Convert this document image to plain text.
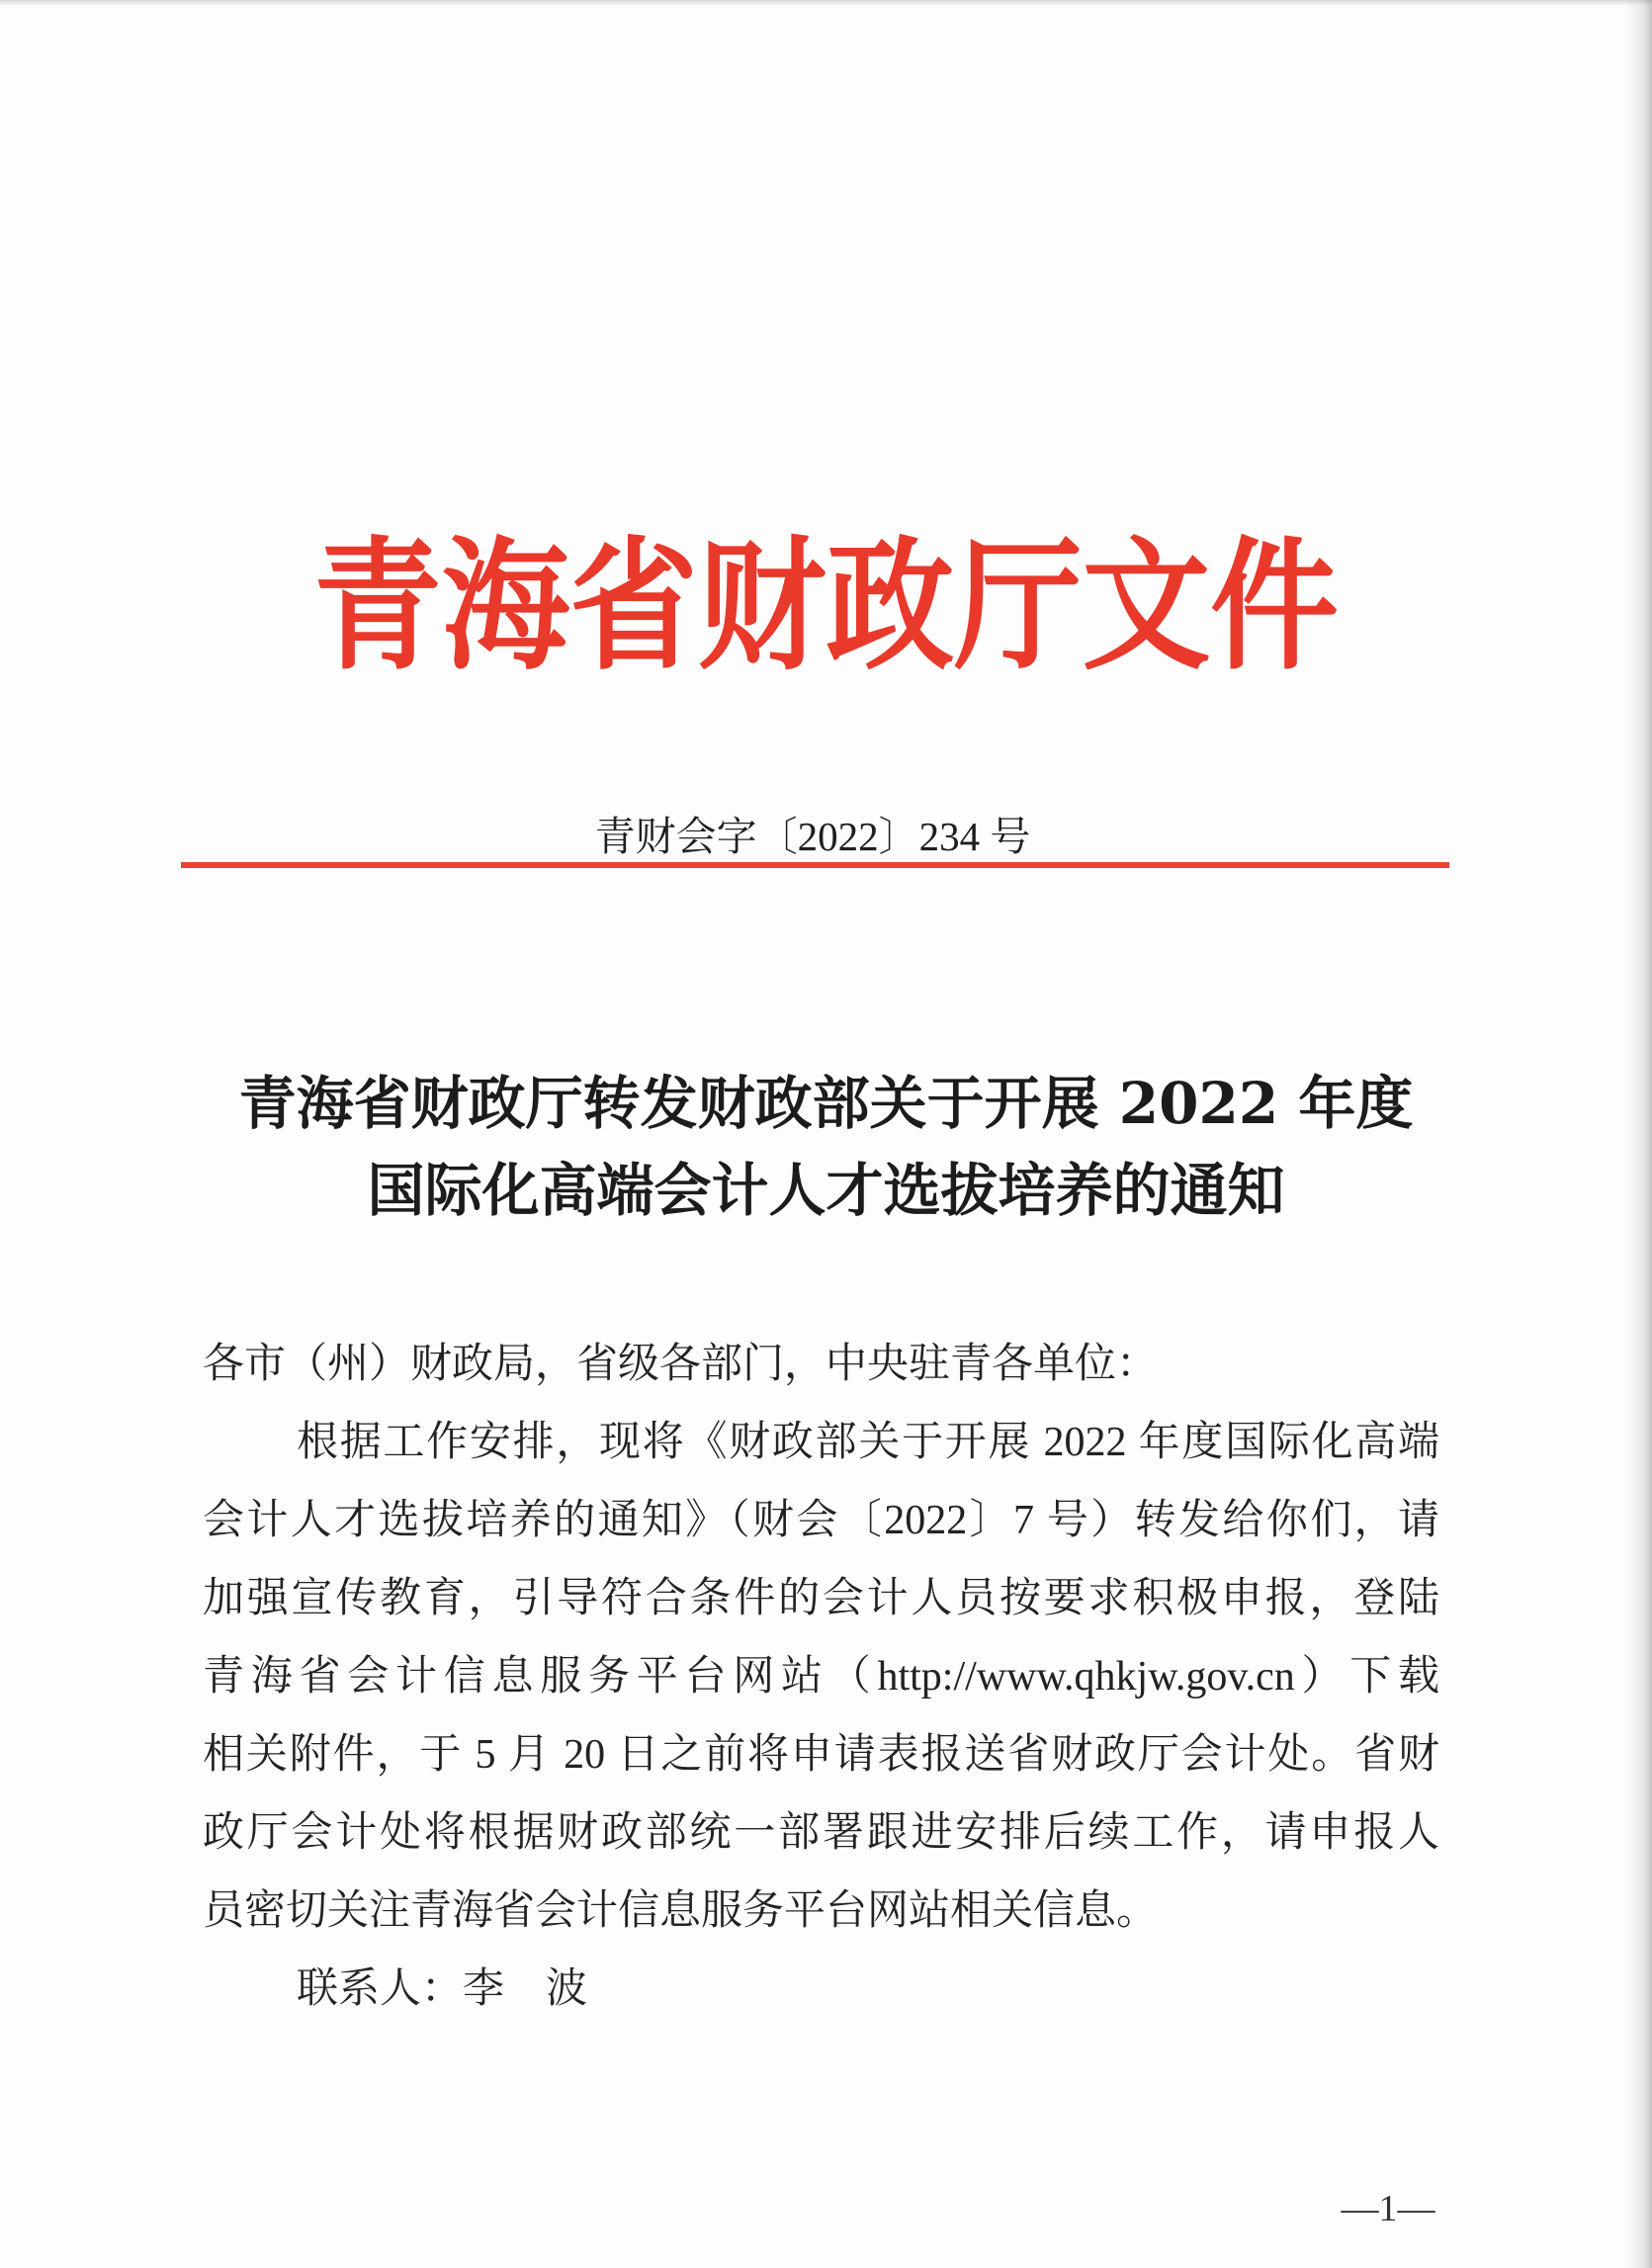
青海省财政厅文件
青财会字〔2022〕234 号
青海省财政厅转发财政部关于开展 2022 年度
国际化高端会计人才选拔培养的通知
各市（州）财政局，省级各部门，中央驻青各单位：
根据工作安排，现将《财政部关于开展 2022 年度国际化高端
会计人才选拔培养的通知》（财会〔2022〕7 号）转发给你们，请
加强宣传教育，引导符合条件的会计人员按要求积极申报，登陆
青海省会计信息服务平台网站（http://www.qhkjw.gov.cn）下载
相关附件，于 5 月 20 日之前将申请表报送省财政厅会计处。省财
政厅会计处将根据财政部统一部署跟进安排后续工作，请申报人
员密切关注青海省会计信息服务平台网站相关信息。
联系人：李　波
—1—
